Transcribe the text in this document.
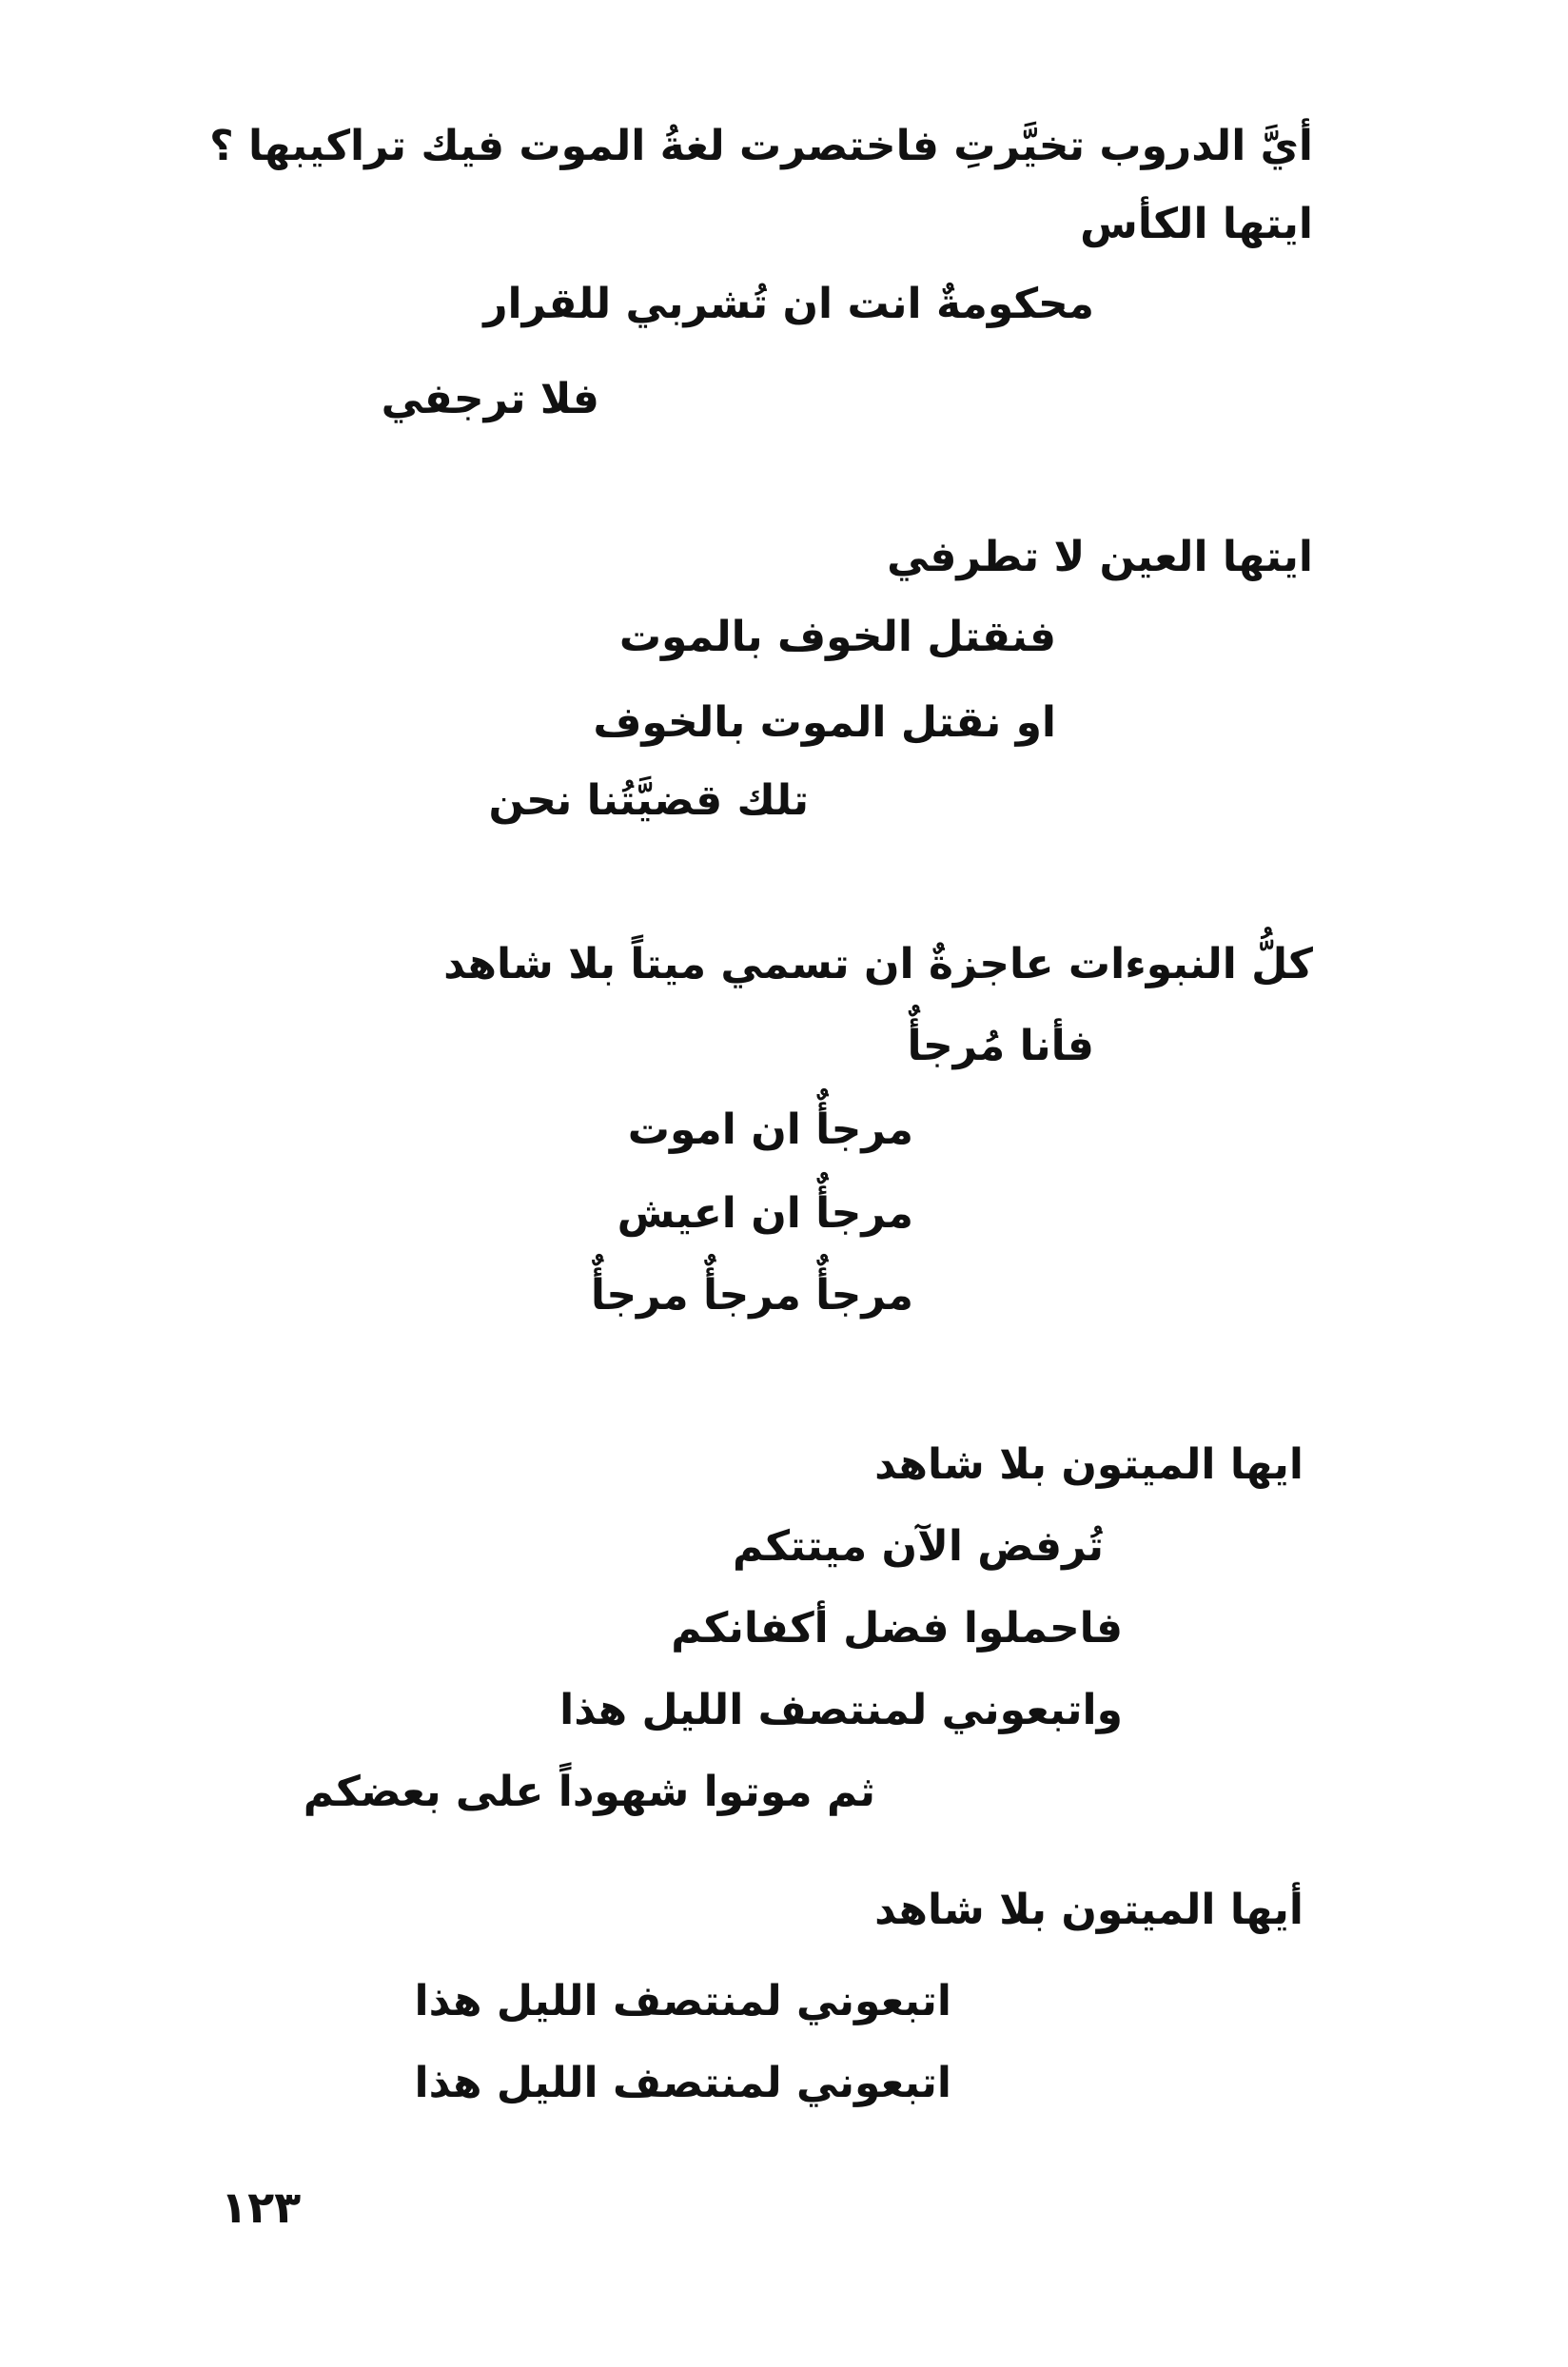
أيَّ الدروب تخيَّرتِ فاختصرت لغةُ الموت فيك تراكيبها ؟
ايتها الكأس
محكومةٌ انت ان تُشربي للقرار
فلا ترجفي
ايتها العين لا تطرفي
فنقتل الخوف بالموت
او نقتل الموت بالخوف
تلك قضيَّتُنا نحن
كلُّ النبوءات عاجزةٌ ان تسمي ميتاً بلا شاهد
فأنا مُرجأٌ
مرجأٌ ان اموت
مرجأٌ ان اعيش
مرجأٌ مرجأٌ مرجأٌ
ايها الميتون بلا شاهد
تُرفض الآن ميتتكم
فاحملوا فضل أكفانكم
واتبعوني لمنتصف الليل هذا
ثم موتوا شهوداً على بعضكم
أيها الميتون بلا شاهد
اتبعوني لمنتصف الليل هذا
اتبعوني لمنتصف الليل هذا
١٢٣
